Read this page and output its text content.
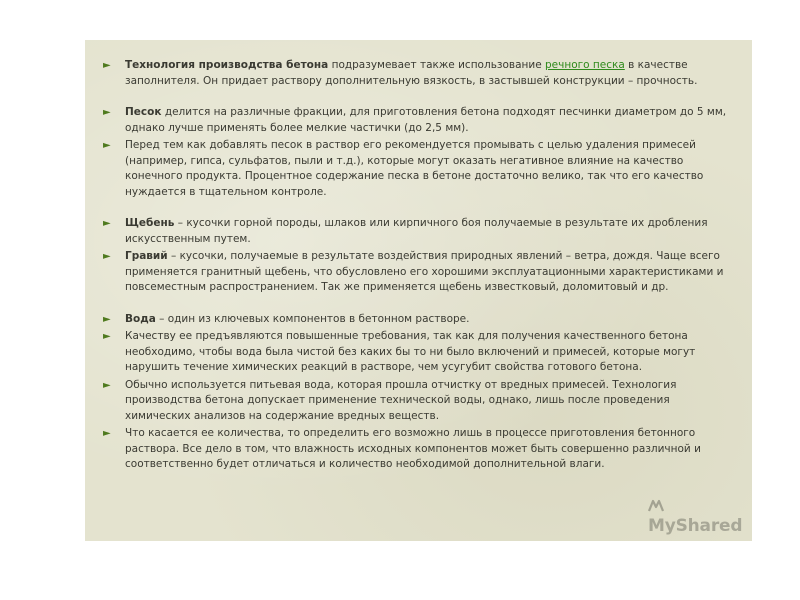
► Технология производства бетона подразумевает также использование речного песка в качестве заполнителя. Он придает раствору дополнительную вязкость, в застывшей конструкции – прочность.
► Песок делится на различные фракции, для приготовления бетона подходят песчинки диаметром до 5 мм, однако лучше применять более мелкие частички (до 2,5 мм).
► Перед тем как добавлять песок в раствор его рекомендуется промывать с целью удаления примесей (например, гипса, сульфатов, пыли и т.д.), которые могут оказать негативное влияние на качество конечного продукта. Процентное содержание песка в бетоне достаточно велико, так что его качество нуждается в тщательном контроле.
► Щебень – кусочки горной породы, шлаков или кирпичного боя получаемые в результате их дробления искусственным путем.
► Гравий – кусочки, получаемые в результате воздействия природных явлений – ветра, дождя. Чаще всего применяется гранитный щебень, что обусловлено его хорошими эксплуатационными характеристиками и повсеместным распространением. Так же применяется щебень известковый, доломитовый и др.
► Вода – один из ключевых компонентов в бетонном растворе.
► Качеству ее предъявляются повышенные требования, так как для получения качественного бетона необходимо, чтобы вода была чистой без каких бы то ни было включений и примесей, которые могут нарушить течение химических реакций в растворе, чем усугубит свойства готового бетона.
► Обычно используется питьевая вода, которая прошла отчистку от вредных примесей. Технология производства бетона допускает применение технической воды, однако, лишь после проведения химических анализов на содержание вредных веществ.
► Что касается ее количества, то определить его возможно лишь в процессе приготовления бетонного раствора. Все дело в том, что влажность исходных компонентов может быть совершенно различной и соответственно будет отличаться и количество необходимой дополнительной влаги.
MyShared
